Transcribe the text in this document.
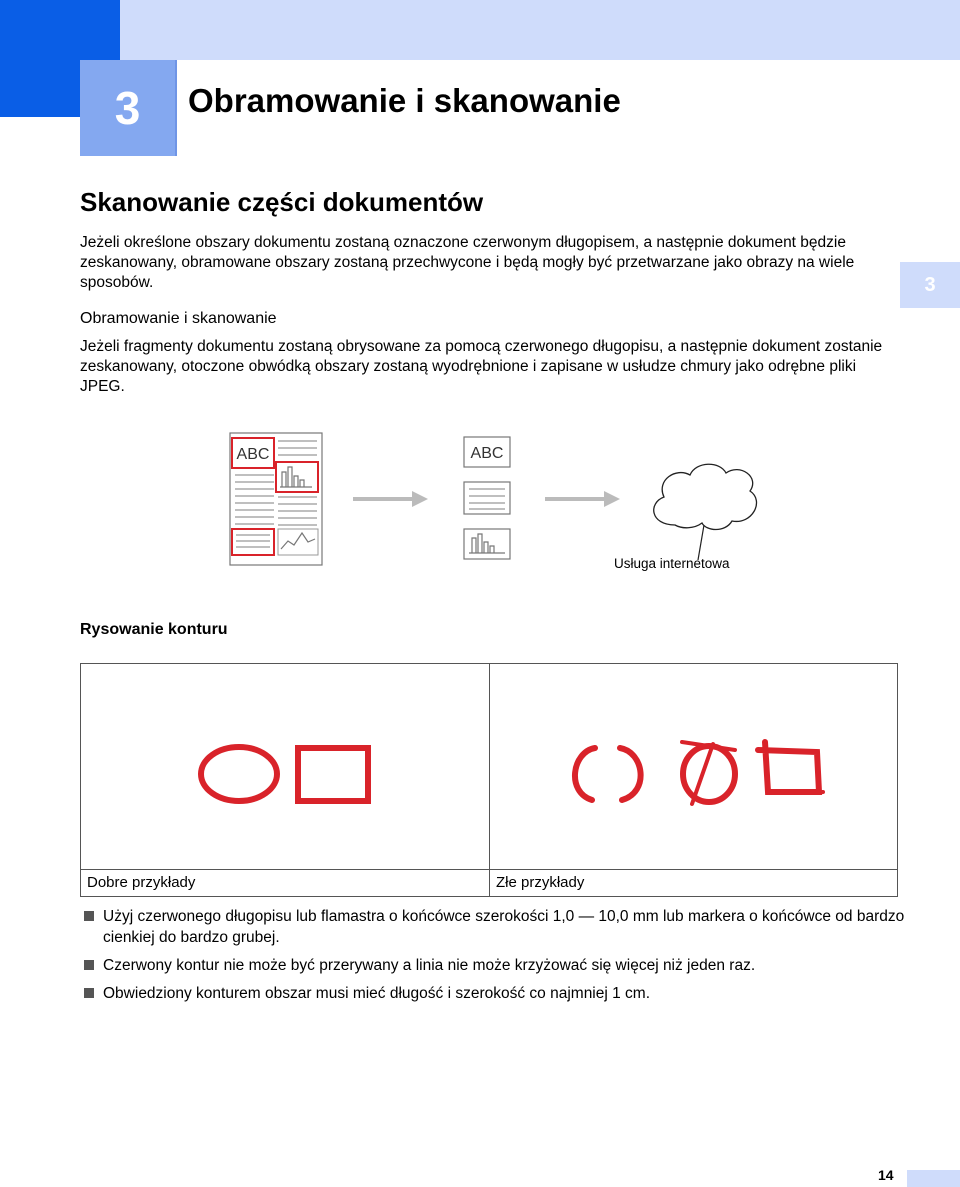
3	Obramowanie i skanowanie
Skanowanie części dokumentów
Jeżeli określone obszary dokumentu zostaną oznaczone czerwonym długopisem, a następnie dokument będzie zeskanowany, obramowane obszary zostaną przechwycone i będą mogły być przetwarzane jako obrazy na wiele sposobów.	3
Obramowanie i skanowanie
Jeżeli fragmenty dokumentu zostaną obrysowane za pomocą czerwonego długopisu, a następnie dokument zostanie zeskanowany, otoczone obwódką obszary zostaną wyodrębnione i zapisane w usłudze chmury jako odrębne pliki JPEG.
ABC	ABC
Usługa internetowa
Rysowanie konturu
Dobre przykłady	Złe przykłady
Użyj czerwonego długopisu lub flamastra o końcówce szerokości 1,0 — 10,0 mm lub markera o końcówce od bardzo cienkiej do bardzo grubej.
Czerwony kontur nie może być przerywany a linia nie może krzyżować się więcej niż jeden raz.
Obwiedziony konturem obszar musi mieć długość i szerokość co najmniej 1 cm.
14
